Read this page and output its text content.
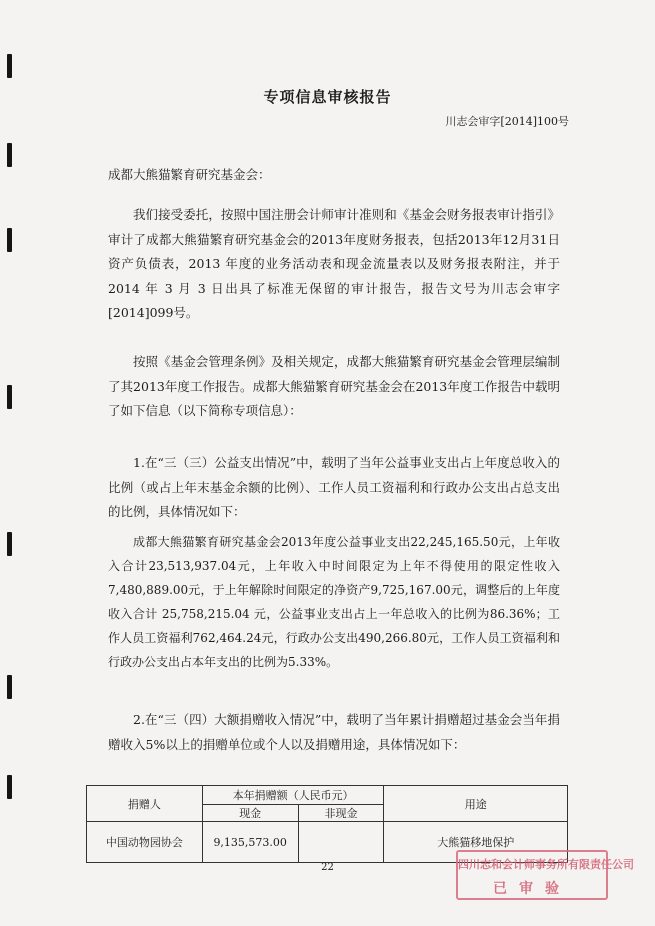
专项信息审核报告
川志会审字[2014]100号
成都大熊猫繁育研究基金会：
我们接受委托，按照中国注册会计师审计准则和《基金会财务报表审计指引》审计了成都大熊猫繁育研究基金会的2013年度财务报表，包括2013年12月31日资产负债表，2013 年度的业务活动表和现金流量表以及财务报表附注，并于2014 年 3 月 3 日出具了标准无保留的审计报告，报告文号为川志会审字[2014]099号。
按照《基金会管理条例》及相关规定，成都大熊猫繁育研究基金会管理层编制了其2013年度工作报告。成都大熊猫繁育研究基金会在2013年度工作报告中载明了如下信息（以下简称专项信息）：
1.在“三（三）公益支出情况”中，载明了当年公益事业支出占上年度总收入的比例（或占上年末基金余额的比例）、工作人员工资福利和行政办公支出占总支出的比例，具体情况如下：
成都大熊猫繁育研究基金会2013年度公益事业支出22,245,165.50元，上年收入合计23,513,937.04元，上年收入中时间限定为上年不得使用的限定性收入7,480,889.00元，于上年解除时间限定的净资产9,725,167.00元，调整后的上年度收入合计 25,758,215.04 元，公益事业支出占上一年总收入的比例为86.36%；工作人员工资福利762,464.24元，行政办公支出490,266.80元，工作人员工资福利和行政办公支出占本年支出的比例为5.33%。
2.在“三（四）大额捐赠收入情况”中，载明了当年累计捐赠超过基金会当年捐赠收入5%以上的捐赠单位或个人以及捐赠用途，具体情况如下：
捐赠人	本年捐赠额（人民币元）		用途
	现金	非现金	
中国动物园协会	9,135,573.00		大熊猫移地保护
22	四川志和会计师事务所有限责任公司
已审验
